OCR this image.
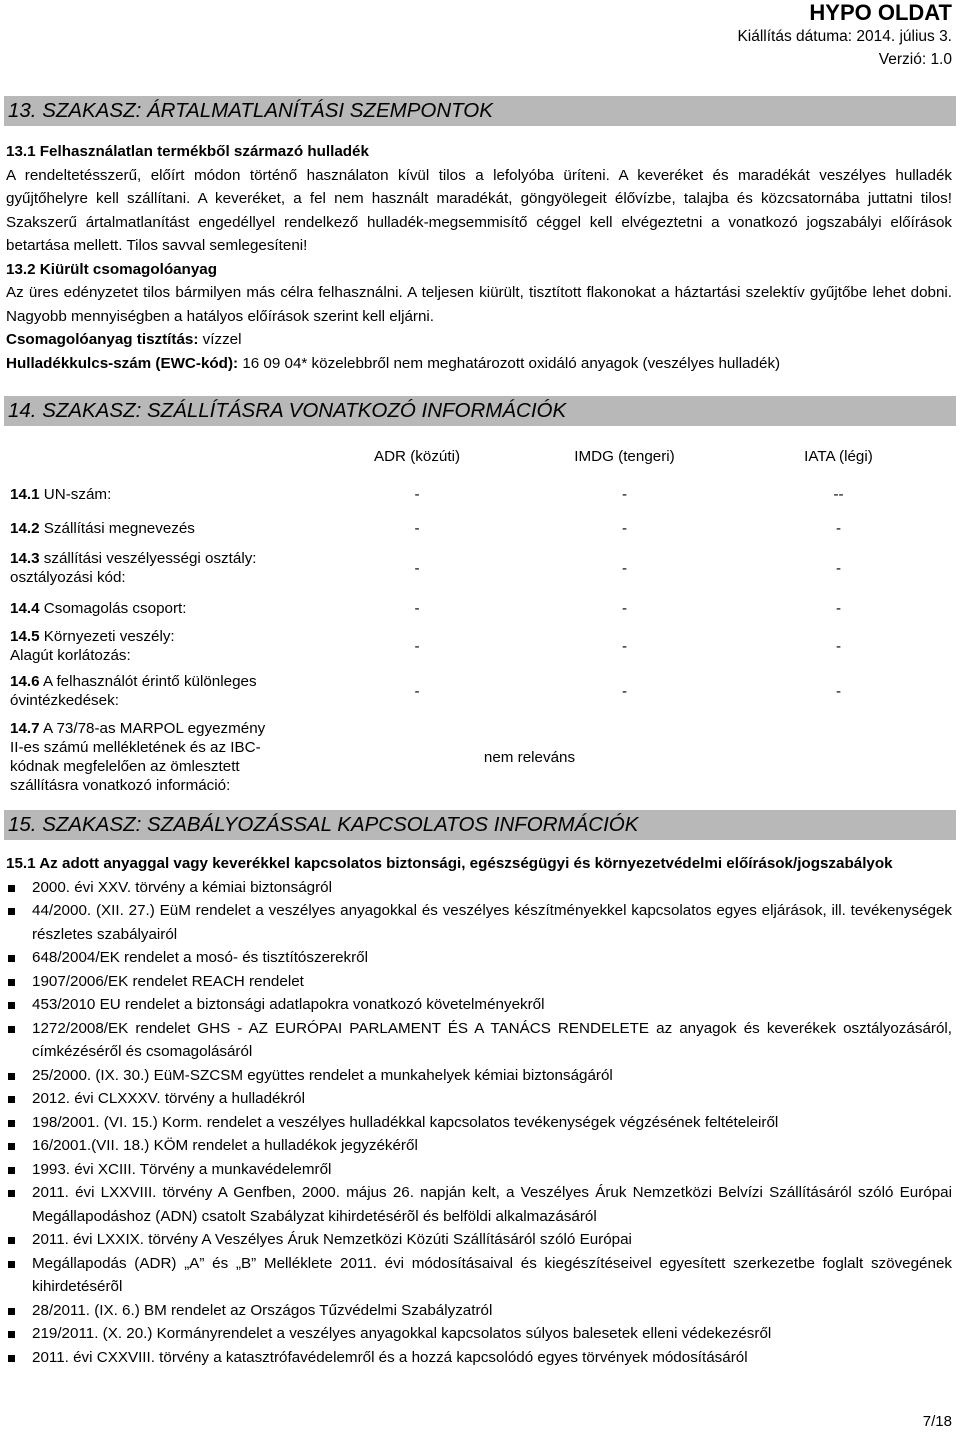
HYPO OLDAT
Kiállítás dátuma: 2014. július 3.
Verzió: 1.0
13. SZAKASZ: ÁRTALMATLANÍTÁSI SZEMPONTOK

13.1 Felhasználatlan termékből származó hulladék

A rendeltetésszerű, előírt módon történő használaton kívül tilos a lefolyóba üríteni. A keveréket és maradékát veszélyes hulladék gyűjtőhelyre kell szállítani. A keveréket, a fel nem használt maradékát, göngyölegeit élővízbe, talajba és közcsatornába juttatni tilos! Szakszerű ártalmatlanítást engedéllyel rendelkező hulladék-megsemmisítő céggel kell elvégeztetni a vonatkozó jogszabályi előírások betartása mellett. Tilos savval semlegesíteni!

13.2 Kiürült csomagolóanyag

Az üres edényzetet tilos bármilyen más célra felhasználni. A teljesen kiürült, tisztított flakonokat a háztartási szelektív gyűjtőbe lehet dobni. Nagyobb mennyiségben a hatályos előírások szerint kell eljárni.

Csomagolóanyag tisztítás: vízzel

Hulladékkulcs-szám (EWC-kód): 16 09 04* közelebbről nem meghatározott oxidáló anyagok (veszélyes hulladék)

14. SZAKASZ: SZÁLLÍTÁSRA VONATKOZÓ INFORMÁCIÓK
	ADR (közúti)	IMDG (tengeri)	IATA (légi)
14.1 UN-szám:	-	-	--
14.2 Szállítási megnevezés	-	-	-
14.3 szállítási veszélyességi osztály:
osztályozási kód:	-	-	-
14.4 Csomagolás csoport:	-	-	-
14.5 Környezeti veszély:
Alagút korlátozás:	-	-	-
14.6 A felhasználót érintő különleges
óvintézkedések:	-	-	-
14.7 A 73/78-as MARPOL egyezmény
II-es számú mellékletének és az IBC-
kódnak megfelelően az ömlesztett
szállításra vonatkozó információ:	nem releváns		
15. SZAKASZ: SZABÁLYOZÁSSAL KAPCSOLATOS INFORMÁCIÓK

15.1 Az adott anyaggal vagy keverékkel kapcsolatos biztonsági, egészségügyi és környezetvédelmi előírások/jogszabályok

2000. évi XXV. törvény a kémiai biztonságról
44/2000. (XII. 27.) EüM rendelet a veszélyes anyagokkal és veszélyes készítményekkel kapcsolatos egyes eljárások, ill. tevékenységek részletes szabályairól
648/2004/EK rendelet a mosó- és tisztítószerekről
1907/2006/EK rendelet REACH rendelet
453/2010 EU rendelet a biztonsági adatlapokra vonatkozó követelményekről
1272/2008/EK rendelet GHS - AZ EURÓPAI PARLAMENT ÉS A TANÁCS RENDELETE az anyagok és keverékek osztályozásáról, címkézéséről és csomagolásáról
25/2000. (IX. 30.) EüM-SZCSM együttes rendelet a munkahelyek kémiai biztonságáról
2012. évi CLXXXV. törvény a hulladékról
198/2001. (VI. 15.) Korm. rendelet a veszélyes hulladékkal kapcsolatos tevékenységek végzésének feltételeiről
16/2001.(VII. 18.) KÖM rendelet a hulladékok jegyzékéről
1993. évi XCIII. Törvény a munkavédelemről
2011. évi LXXVIII. törvény A Genfben, 2000. május 26. napján kelt, a Veszélyes Áruk Nemzetközi Belvízi Szállításáról szóló Európai Megállapodáshoz (ADN) csatolt Szabályzat kihirdetésérõl és belföldi alkalmazásáról
2011. évi LXXIX. törvény A Veszélyes Áruk Nemzetközi Közúti Szállításáról szóló Európai
Megállapodás (ADR) „A” és „B” Melléklete 2011. évi módosításaival és kiegészítéseivel egyesített szerkezetbe foglalt szövegének kihirdetésérõl
28/2011. (IX. 6.) BM rendelet az Országos Tűzvédelmi Szabályzatról
219/2011. (X. 20.) Kormányrendelet a veszélyes anyagokkal kapcsolatos súlyos balesetek elleni védekezésről
2011. évi CXXVIII. törvény a katasztrófavédelemről és a hozzá kapcsolódó egyes törvények módosításáról
7/18
